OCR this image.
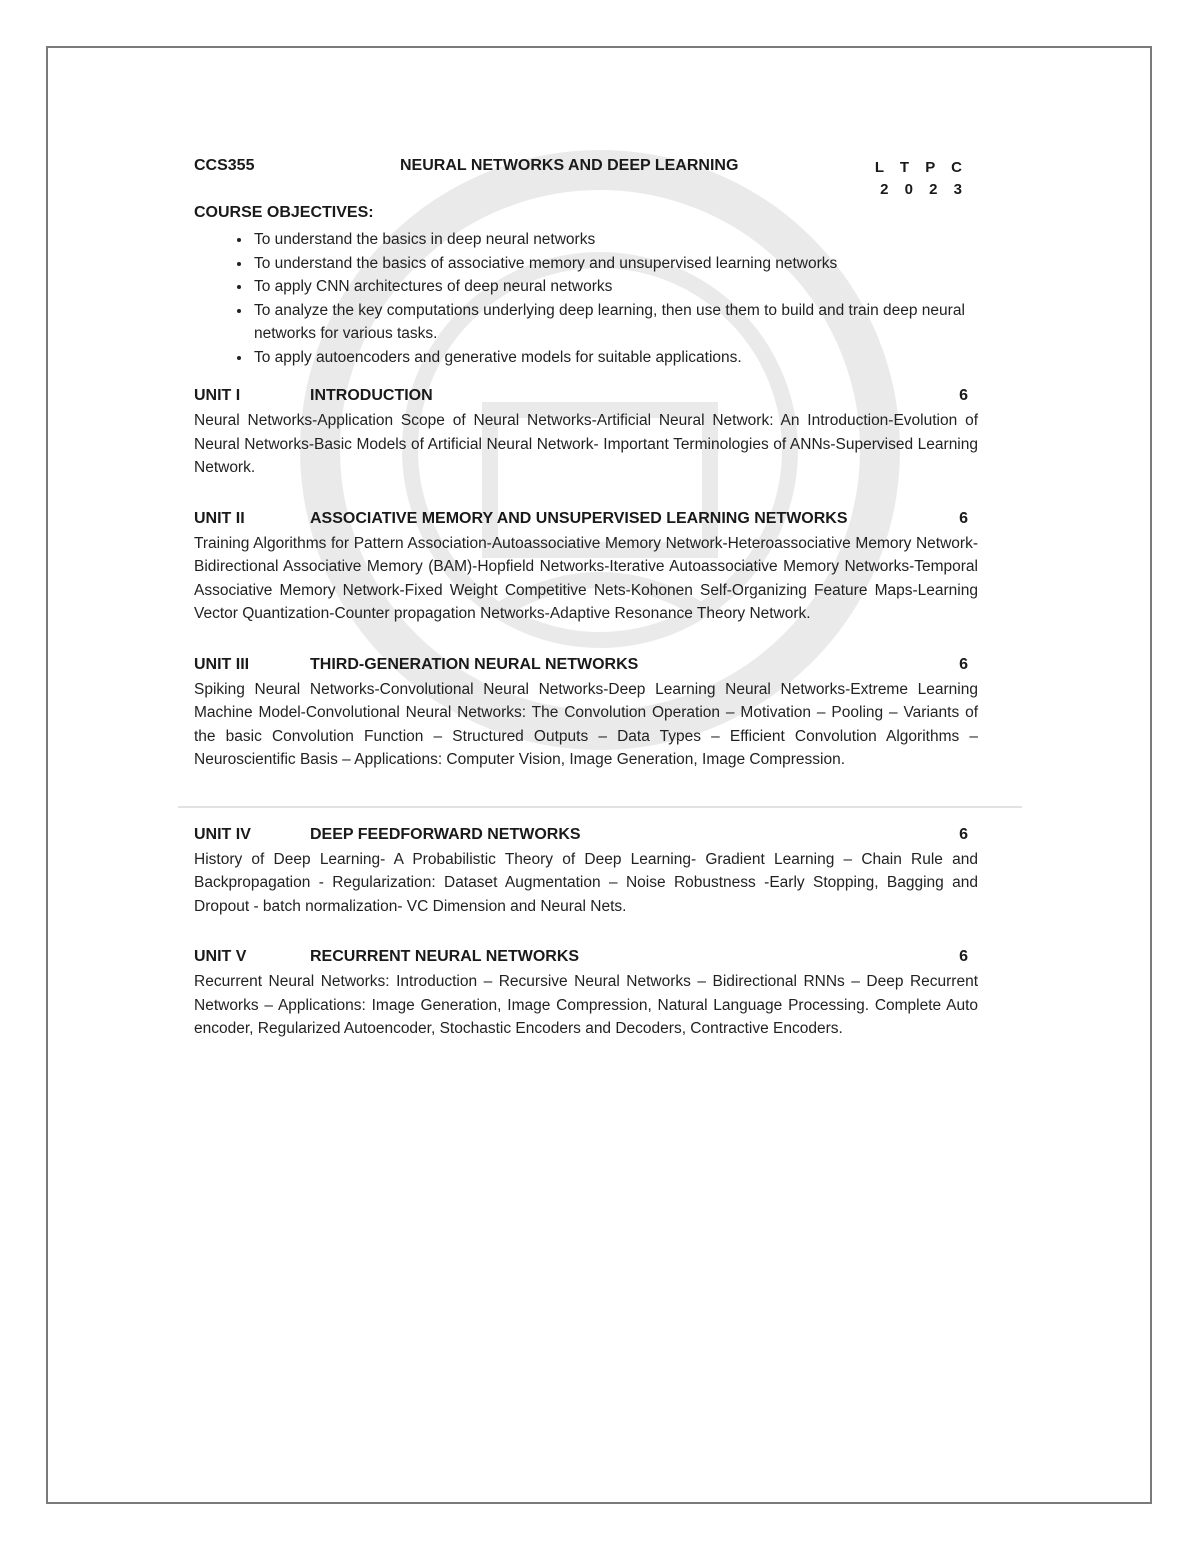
CCS355	NEURAL NETWORKS AND DEEP LEARNING	L T P C
2 0 2 3
COURSE OBJECTIVES:
• To understand the basics in deep neural networks
• To understand the basics of associative memory and unsupervised learning networks
• To apply CNN architectures of deep neural networks
• To analyze the key computations underlying deep learning, then use them to build and train deep neural networks for various tasks.
• To apply autoencoders and generative models for suitable applications.
UNIT I	INTRODUCTION	6

Neural Networks-Application Scope of Neural Networks-Artificial Neural Network: An Introduction-Evolution of Neural Networks-Basic Models of Artificial Neural Network- Important Terminologies of ANNs-Supervised Learning Network.

UNIT II	ASSOCIATIVE MEMORY AND UNSUPERVISED LEARNING NETWORKS	6

Training Algorithms for Pattern Association-Autoassociative Memory Network-Heteroassociative Memory Network-Bidirectional Associative Memory (BAM)-Hopfield Networks-Iterative Autoassociative Memory Networks-Temporal Associative Memory Network-Fixed Weight Competitive Nets-Kohonen Self-Organizing Feature Maps-Learning Vector Quantization-Counter propagation Networks-Adaptive Resonance Theory Network.

UNIT III	THIRD-GENERATION NEURAL NETWORKS	6

Spiking Neural Networks-Convolutional Neural Networks-Deep Learning Neural Networks-Extreme Learning Machine Model-Convolutional Neural Networks: The Convolution Operation – Motivation – Pooling – Variants of the basic Convolution Function – Structured Outputs – Data Types – Efficient Convolution Algorithms – Neuroscientific Basis – Applications: Computer Vision, Image Generation, Image Compression.

UNIT IV	DEEP FEEDFORWARD NETWORKS	6

History of Deep Learning- A Probabilistic Theory of Deep Learning- Gradient Learning – Chain Rule and Backpropagation - Regularization: Dataset Augmentation – Noise Robustness -Early Stopping, Bagging and Dropout - batch normalization- VC Dimension and Neural Nets.

UNIT V	RECURRENT NEURAL NETWORKS	6

Recurrent Neural Networks: Introduction – Recursive Neural Networks – Bidirectional RNNs – Deep Recurrent Networks – Applications: Image Generation, Image Compression, Natural Language Processing. Complete Auto encoder, Regularized Autoencoder, Stochastic Encoders and Decoders, Contractive Encoders.
